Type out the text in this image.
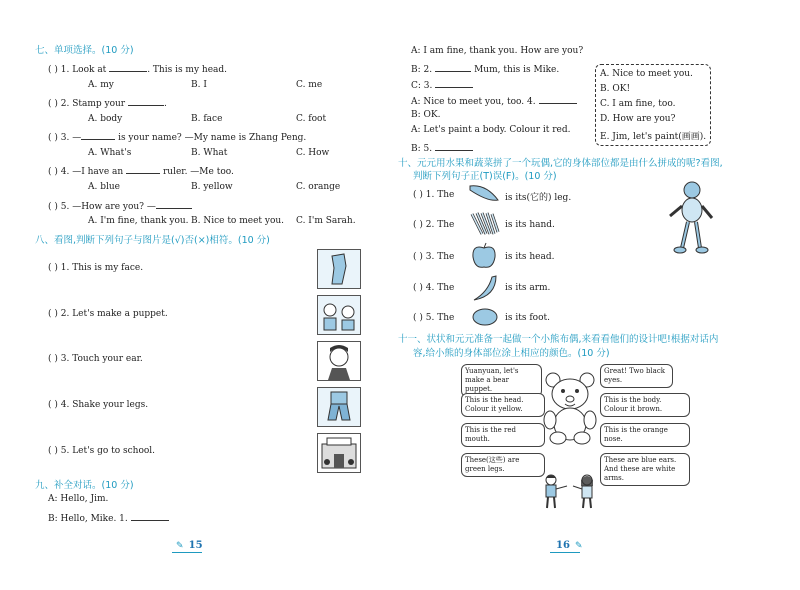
七、单项选择。(10 分)
( ) 1. Look at	. This is my head.
A. my	B. I	C. me
( ) 2. Stamp your	.
A. body	B. face	C. foot
( ) 3. —	is your name? —My name is Zhang Peng.
A. What's	B. What	C. How
( ) 4. —I have an	ruler. —Me too.
A. blue	B. yellow	C. orange
( ) 5. —How are you? —
A. I'm fine, thank you. B. Nice to meet you. C. I'm Sarah.
八、看图,判断下列句子与图片是(√)否(×)相符。(10 分)
( ) 1. This is my face.
( ) 2. Let's make a puppet.
( ) 3. Touch your ear.
( ) 4. Shake your legs.
( ) 5. Let's go to school.
九、补全对话。(10 分)
A: Hello, Jim.
B: Hello, Mike. 1.
✎ 15
A: I am fine, thank you. How are you?
B: 2.	Mum, this is Mike.
C: 3.
A: Nice to meet you, too. 4.
B: OK.
A: Let's paint a body. Colour it red.
B: 5.
A. Nice to meet you.
B. OK!
C. I am fine, too.
D. How are you?
E. Jim, let's paint(画画).
十、元元用水果和蔬菜拼了一个玩偶,它的身体部位都是由什么拼成的呢?看图,
判断下列句子正(T)误(F)。(10 分)
( ) 1. The	is its(它的) leg.
( ) 2. The	is its hand.
( ) 3. The	is its head.
( ) 4. The	is its arm.
( ) 5. The	is its foot.
十一、状状和元元准备一起做一个小熊布偶,来看看他们的设计吧!根据对话内
容,给小熊的身体部位涂上相应的颜色。(10 分)
Yuanyuan, let's make a bear puppet.
This is the head. Colour it yellow.
This is the red mouth.
These(这些) are green legs.
Great! Two black eyes.
This is the body. Colour it brown.
This is the orange nose.
These are blue ears. And these are white arms.
16 ✎
